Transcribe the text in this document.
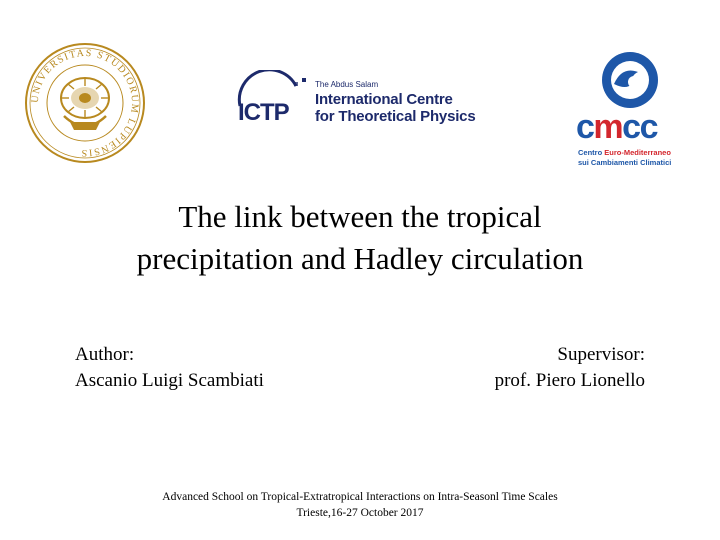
UNIVERSITAS STUDIORUM LUPIENSIS
ICTP
The Abdus Salam
International Centre
for Theoretical Physics	cmcc
Centro Euro-Mediterraneo
sui Cambiamenti Climatici
The link between the tropical
precipitation and Hadley circulation
Author:
Ascanio Luigi Scambiati
Supervisor:
prof. Piero Lionello
Advanced School on Tropical-Extratropical Interactions on Intra-Seasonl Time Scales
Trieste,16-27 October 2017
